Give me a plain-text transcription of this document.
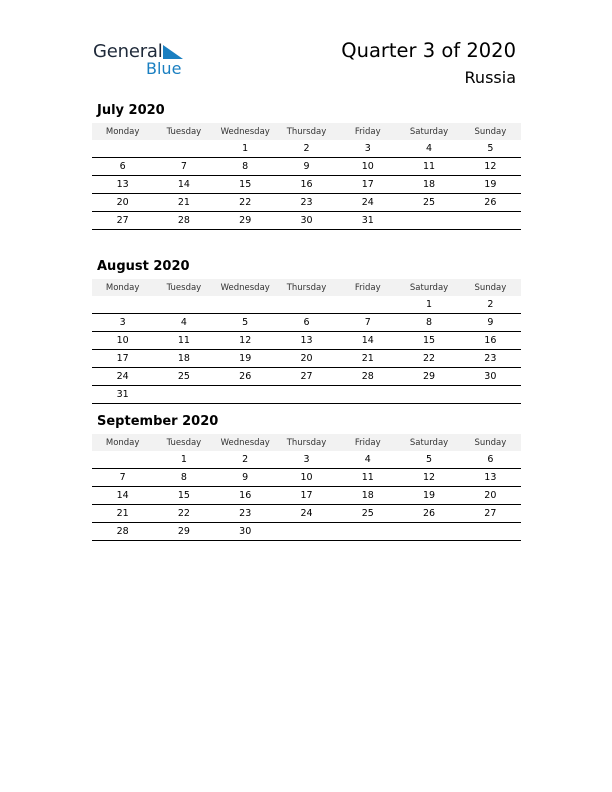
General
Blue
Quarter 3 of 2020
Russia
July 2020
Monday	Tuesday	Wednesday	Thursday	Friday	Saturday	Sunday
		1	2	3	4	5
6	7	8	9	10	11	12
13	14	15	16	17	18	19
20	21	22	23	24	25	26
27	28	29	30	31		
August 2020
Monday	Tuesday	Wednesday	Thursday	Friday	Saturday	Sunday
					1	2
3	4	5	6	7	8	9
10	11	12	13	14	15	16
17	18	19	20	21	22	23
24	25	26	27	28	29	30
31						
September 2020
Monday	Tuesday	Wednesday	Thursday	Friday	Saturday	Sunday
	1	2	3	4	5	6
7	8	9	10	11	12	13
14	15	16	17	18	19	20
21	22	23	24	25	26	27
28	29	30				
